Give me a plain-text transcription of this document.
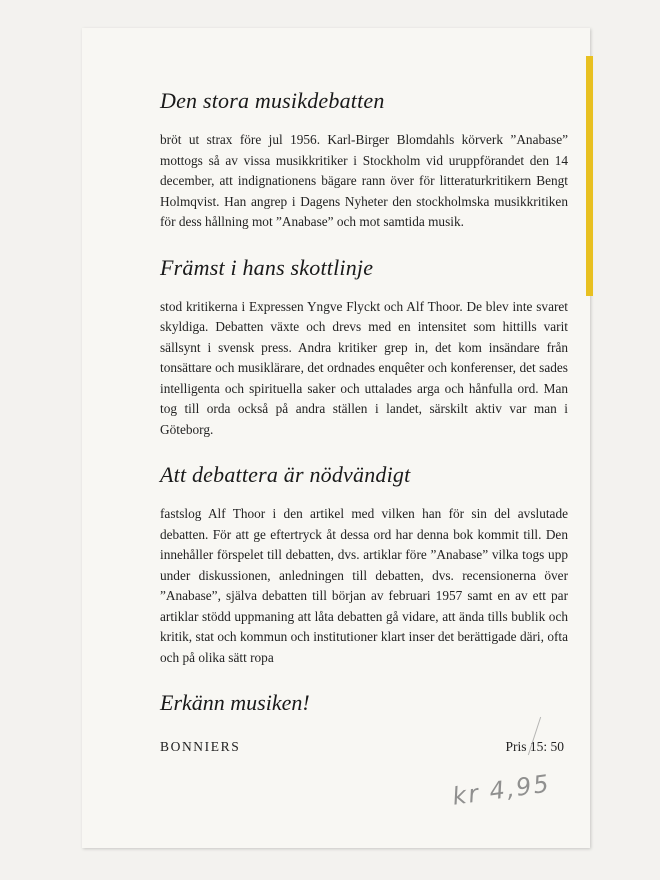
Den stora musikdebatten

bröt ut strax före jul 1956. Karl-Birger Blomdahls körverk ”Anabase” mottogs så av vissa musikkritiker i Stockholm vid uruppförandet den 14 december, att indignationens bägare rann över för litteraturkritikern Bengt Holmqvist. Han angrep i Dagens Nyheter den stockholmska musikkritiken för dess hållning mot ”Anabase” och mot samtida musik.

Främst i hans skottlinje

stod kritikerna i Expressen Yngve Flyckt och Alf Thoor. De blev inte svaret skyldiga. Debatten växte och drevs med en intensitet som hittills varit sällsynt i svensk press. Andra kritiker grep in, det kom insändare från tonsättare och musiklärare, det ordnades enquêter och konferenser, det sades intelligenta och spirituella saker och uttalades arga och hånfulla ord. Man tog till orda också på andra ställen i landet, särskilt aktiv var man i Göteborg.

Att debattera är nödvändigt

fastslog Alf Thoor i den artikel med vilken han för sin del avslutade debatten. För att ge eftertryck åt dessa ord har denna bok kommit till. Den innehåller förspelet till debatten, dvs. artiklar före ”Anabase” vilka togs upp under diskussionen, anledningen till debatten, dvs. recensionerna över ”Anabase”, själva debatten till början av februari 1957 samt en av ett par artiklar stödd uppmaning att låta debatten gå vidare, att ända tills bublik och kritik, stat och kommun och institutioner klart inser det berättigade däri, ofta och på olika sätt ropa

Erkänn musiken!
BONNIERS	Pris 15: 50
kr 4,95
